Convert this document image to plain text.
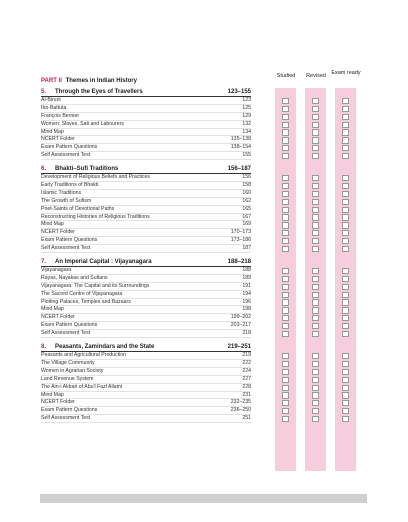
PART II Themes in Indian History
Studied	Revised Exam ready
5.	Through the Eyes of Travellers	123–155
Al-Biruni	123
Ibn-Battuta	125
François Bernier	129
Women: Slaves, Sati and Labourers	132
Mind Map	134
NCERT Folder	135–138
Exam Pattern Questions	138–154
Self Assessment Test	155
6.	Bhakti–Sufi Traditions	156–187
Development of Religious Beliefs and Practices	156
Early Traditions of Bhakti	158
Islamic Traditions	160
The Growth of Sufism	162
Poet-Saints of Devotional Paths	165
Reconstructing Histories of Religious Traditions	167
Mind Map	169
NCERT Folder	170–173
Exam Pattern Questions	173–186
Self Assessment Test	187
7.	An Imperial Capital : Vijayanagara	188–218
Vijayanagara	188
Rayas, Nayakas and Sultans	189
Vijayanagara: The Capital and its Surroundings	191
The Sacred Centre of Vijayanagara	194
Plotting Palaces, Temples and Bazaars	196
Mind Map	198
NCERT Folder	199–202
Exam Pattern Questions	203–217
Self Assessment Test	218
8.	Peasants, Zamindars and the State	219–251
Peasants and Agricultural Production	219
The Village Community	222
Women in Agrarian Society	224
Land Revenue System	227
The Ain-i Akbari of Abu'l Fazl Allami	228
Mind Map	231
NCERT Folder	232–235
Exam Pattern Questions	236–250
Self Assessment Test	251
